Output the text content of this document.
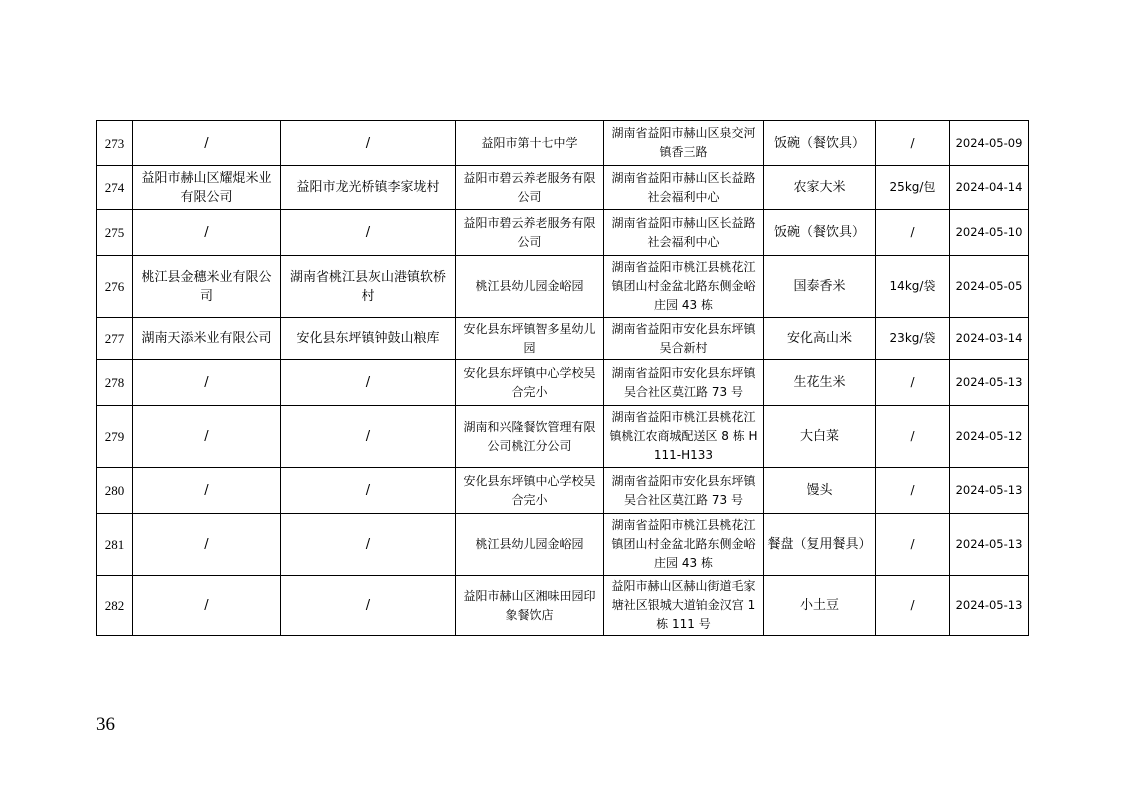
273	/	/	益阳市第十七中学	湖南省益阳市赫山区泉交河镇香三路	饭碗（餐饮具）	/	2024-05-09
274	益阳市赫山区耀焜米业有限公司	益阳市龙光桥镇李家垅村	益阳市碧云养老服务有限公司	湖南省益阳市赫山区长益路社会福利中心	农家大米	25kg/包	2024-04-14
275	/	/	益阳市碧云养老服务有限公司	湖南省益阳市赫山区长益路社会福利中心	饭碗（餐饮具）	/	2024-05-10
276	桃江县金穗米业有限公司	湖南省桃江县灰山港镇软桥村	桃江县幼儿园金峪园	湖南省益阳市桃江县桃花江镇团山村金盆北路东侧金峪庄园 43 栋	国泰香米	14kg/袋	2024-05-05
277	湖南天添米业有限公司	安化县东坪镇钟鼓山粮库	安化县东坪镇智多星幼儿园	湖南省益阳市安化县东坪镇吴合新村	安化高山米	23kg/袋	2024-03-14
278	/	/	安化县东坪镇中心学校吴合完小	湖南省益阳市安化县东坪镇吴合社区莫江路 73 号	生花生米	/	2024-05-13
279	/	/	湖南和兴隆餐饮管理有限公司桃江分公司	湖南省益阳市桃江县桃花江镇桃江农商城配送区 8 栋 H111-H133	大白菜	/	2024-05-12
280	/	/	安化县东坪镇中心学校吴合完小	湖南省益阳市安化县东坪镇吴合社区莫江路 73 号	馒头	/	2024-05-13
281	/	/	桃江县幼儿园金峪园	湖南省益阳市桃江县桃花江镇团山村金盆北路东侧金峪庄园 43 栋	餐盘（复用餐具）	/	2024-05-13
282	/	/	益阳市赫山区湘味田园印象餐饮店	益阳市赫山区赫山街道毛家塘社区银城大道铂金汉宫 1 栋 111 号	小土豆	/	2024-05-13
36
